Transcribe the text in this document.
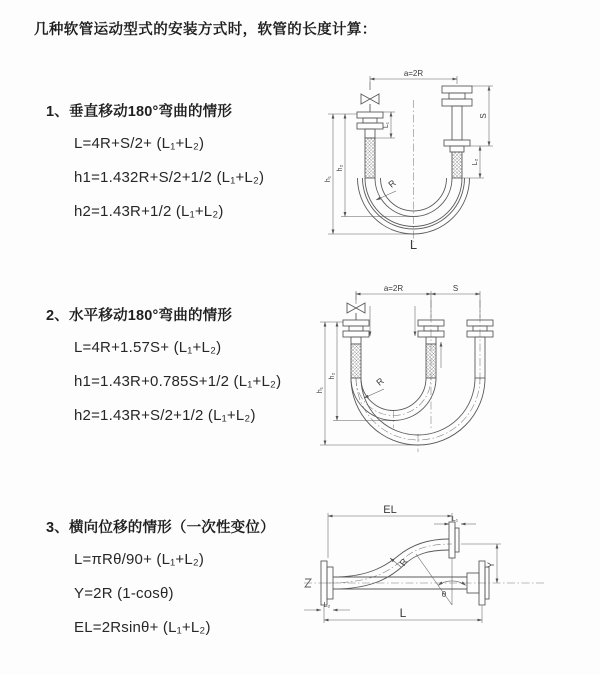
几种软管运动型式的安装方式时，软管的长度计算：
1、垂直移动180°弯曲的情形
L=4R+S/2+ (L₁+L₂)
h1=1.432R+S/2+1/2 (L₁+L₂)
h2=1.43R+1/2 (L₁+L₂)
2、水平移动180°弯曲的情形
L=4R+1.57S+ (L₁+L₂)
h1=1.43R+0.785S+1/2 (L₁+L₂)
h2=1.43R+S/2+1/2 (L₁+L₂)
3、横向位移的情形（一次性变位）
L=πRθ/90+ (L₁+L₂)
Y=2R (1-cosθ)
EL=2Rsinθ+ (L₁+L₂)
a=2R
h₁
h₂
L₁
S
L₂
R
L
a=2R	S
h₁
h₂	R
EL
L₁
Y
R
θ
L
L₂
